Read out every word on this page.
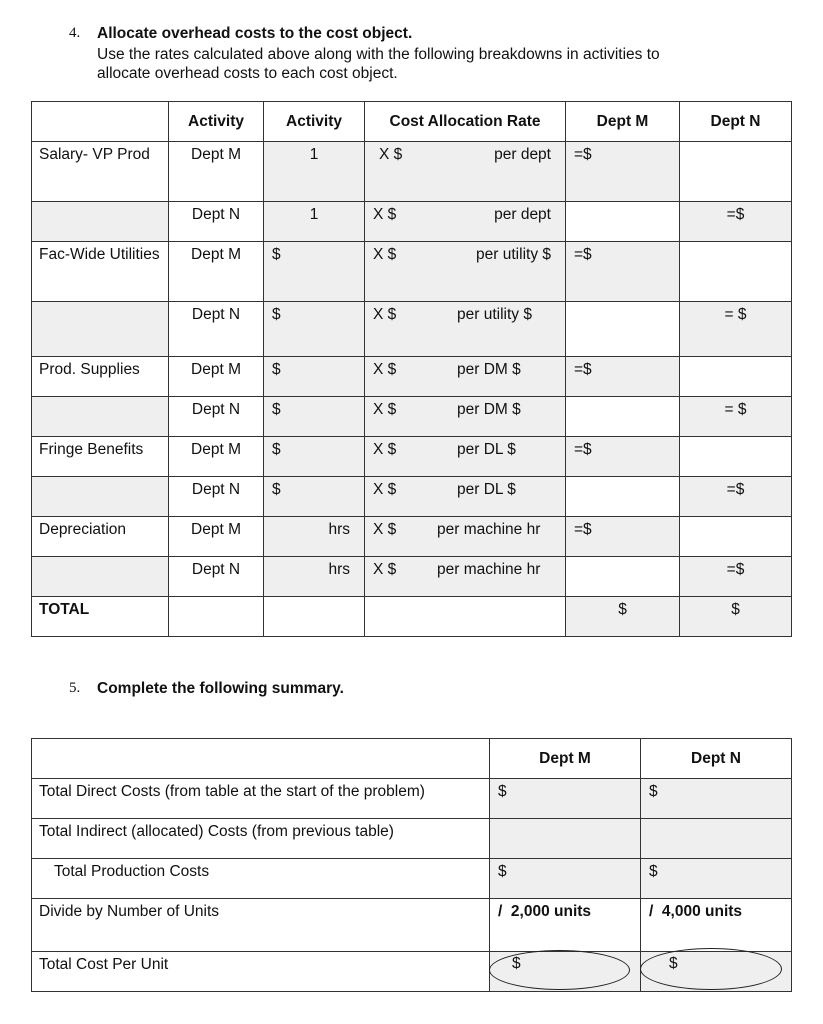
4. Allocate overhead costs to the cost object.
Use the rates calculated above along with the following breakdowns in activities to
allocate overhead costs to each cost object.
	Activity	Activity	Cost Allocation Rate	Dept M	Dept N
Salary- VP Prod	Dept M	1	X $ per dept	=$	
	Dept N	1	X $ per dept		=$
Fac-Wide Utilities	Dept M	$	X $ per utility $	=$	
	Dept N	$	X $ per utility $		= $
Prod. Supplies	Dept M	$	X $ per DM $	=$	
	Dept N	$	X $ per DM $		= $
Fringe Benefits	Dept M	$	X $ per DL $	=$	
	Dept N	$	X $ per DL $		=$
Depreciation	Dept M	hrs	X $ per machine hr	=$	
	Dept N	hrs	X $ per machine hr		=$
TOTAL				$	$
5. Complete the following summary.
	Dept M	Dept N
Total Direct Costs (from table at the start of the problem)	$	$
Total Indirect (allocated) Costs (from previous table)		
Total Production Costs	$	$
Divide by Number of Units	/  2,000 units	/  4,000 units
Total Cost Per Unit	$	$
